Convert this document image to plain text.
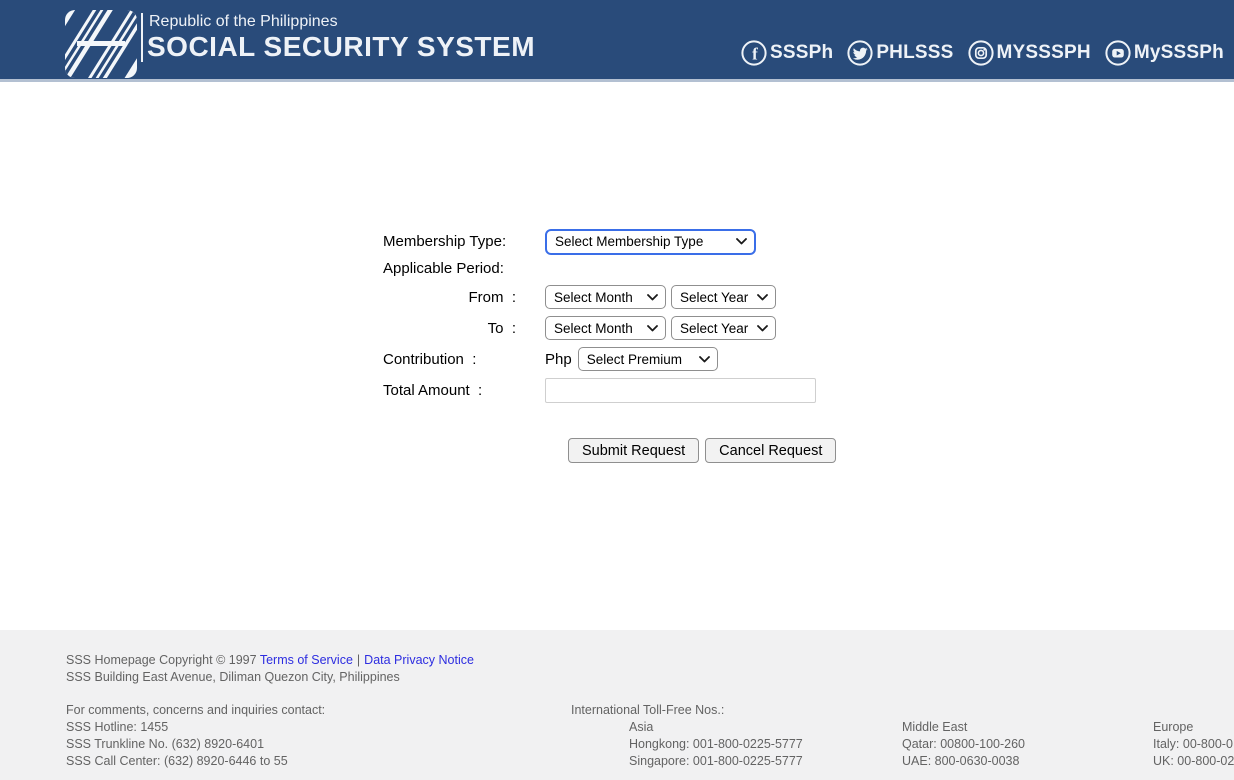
Republic of the Philippines
SOCIAL SECURITY SYSTEM	f SSSPh PHLSSS MYSSSPH MySSSPh
Membership Type:	Select Membership Type
Applicable Period:
From  :	Select Month	Select Year
To  :	Select Month	Select Year
Contribution  :	Php Select Premium
Total Amount  :
Submit Request	Cancel Request
SSS Homepage Copyright © 1997 Terms of Service | Data Privacy Notice
SSS Building East Avenue, Diliman Quezon City, Philippines
For comments, concerns and inquiries contact:
SSS Hotline: 1455
SSS Trunkline No. (632) 8920-6401
SSS Call Center: (632) 8920-6446 to 55
International Toll-Free Nos.:
Asia
Hongkong: 001-800-0225-5777
Singapore: 001-800-0225-5777
Middle East
Qatar: 00800-100-260
UAE: 800-0630-0038
Europe
Italy: 00-800-0
UK: 00-800-02
